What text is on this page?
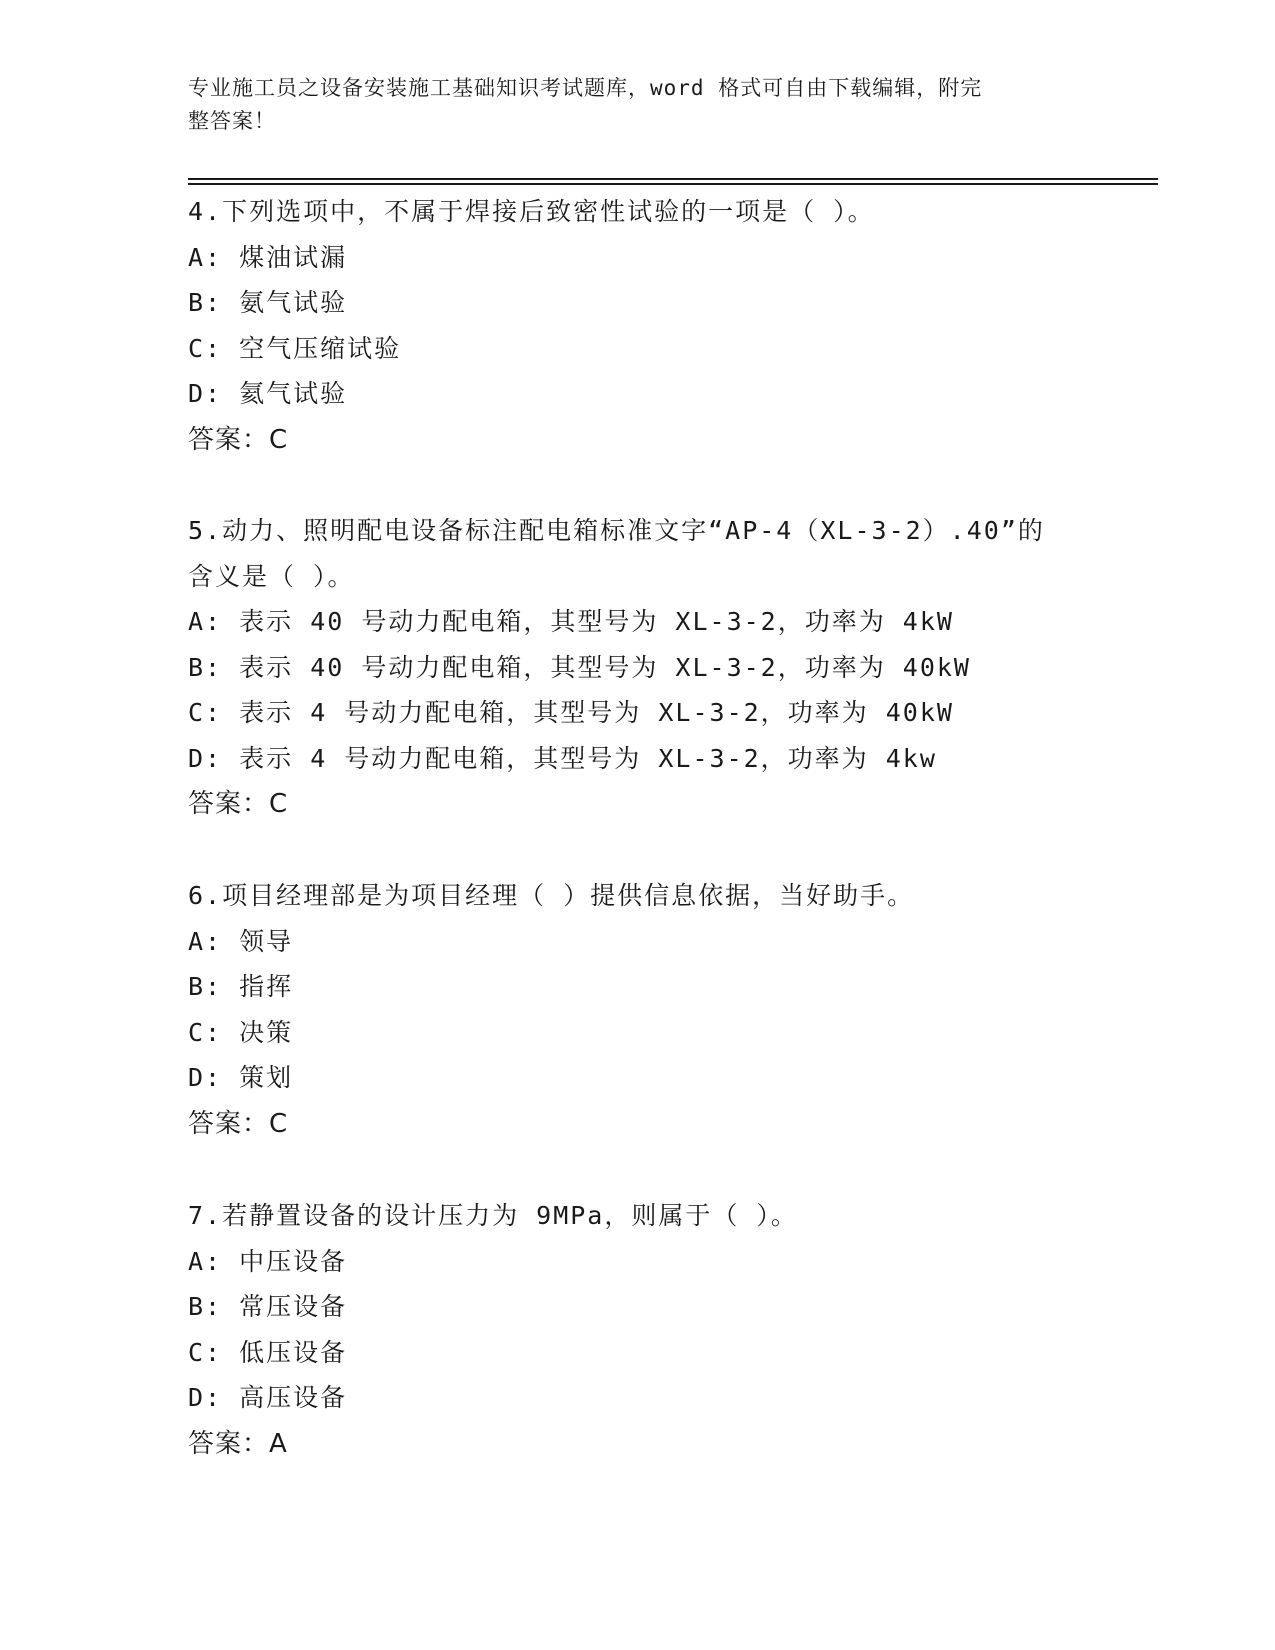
专业施工员之设备安装施工基础知识考试题库，word 格式可自由下载编辑，附完
整答案！
4.下列选项中，不属于焊接后致密性试验的一项是（ ）。
A: 煤油试漏
B: 氨气试验
C: 空气压缩试验
D: 氦气试验
答案：C
5.动力、照明配电设备标注配电箱标准文字“AP-4（XL-3-2）.40”的
含义是（ ）。
A: 表示 40 号动力配电箱，其型号为 XL-3-2，功率为 4kW
B: 表示 40 号动力配电箱，其型号为 XL-3-2，功率为 40kW
C: 表示 4 号动力配电箱，其型号为 XL-3-2，功率为 40kW
D: 表示 4 号动力配电箱，其型号为 XL-3-2，功率为 4kw
答案：C
6.项目经理部是为项目经理（ ）提供信息依据，当好助手。
A: 领导
B: 指挥
C: 决策
D: 策划
答案：C
7.若静置设备的设计压力为 9MPa，则属于（ ）。
A: 中压设备
B: 常压设备
C: 低压设备
D: 高压设备
答案：A
